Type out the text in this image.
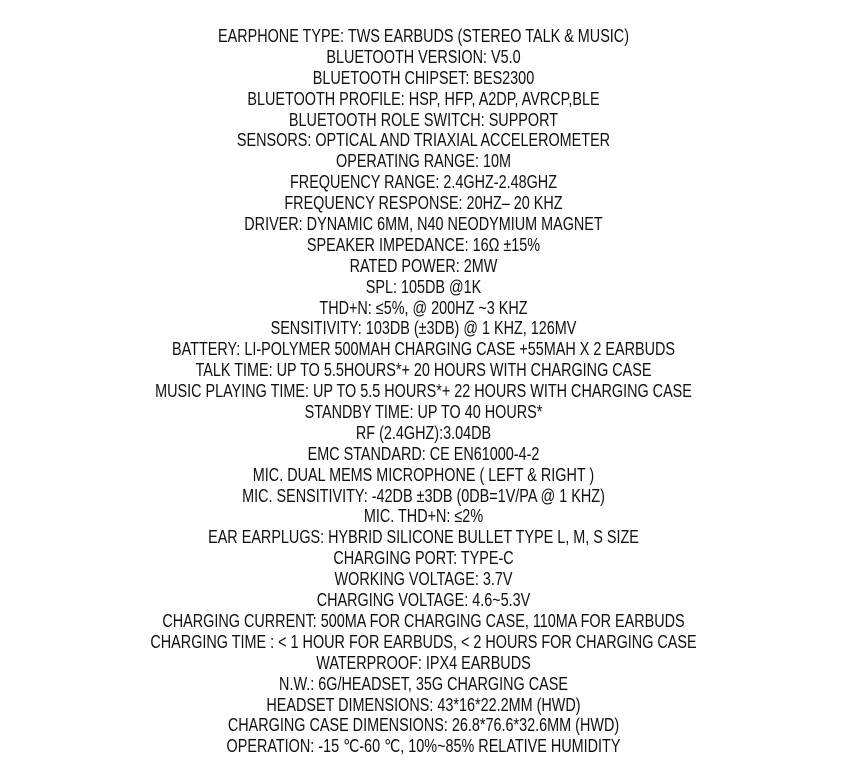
EARPHONE TYPE: TWS EARBUDS (STEREO TALK & MUSIC)
BLUETOOTH VERSION: V5.0
BLUETOOTH CHIPSET: BES2300
BLUETOOTH PROFILE: HSP, HFP, A2DP, AVRCP,BLE
BLUETOOTH ROLE SWITCH: SUPPORT
SENSORS: OPTICAL AND TRIAXIAL ACCELEROMETER
OPERATING RANGE: 10M
FREQUENCY RANGE: 2.4GHZ-2.48GHZ
FREQUENCY RESPONSE: 20HZ– 20 KHZ
DRIVER: DYNAMIC 6MM, N40 NEODYMIUM MAGNET
SPEAKER IMPEDANCE: 16Ω ±15%
RATED POWER: 2MW
SPL: 105DB @1K
THD+N: ≤5%, @ 200HZ ~3 KHZ
SENSITIVITY: 103DB (±3DB) @ 1 KHZ, 126MV
BATTERY: LI-POLYMER 500MAH CHARGING CASE +55MAH X 2 EARBUDS
TALK TIME: UP TO 5.5HOURS*+ 20 HOURS WITH CHARGING CASE
MUSIC PLAYING TIME: UP TO 5.5 HOURS*+ 22 HOURS WITH CHARGING CASE
STANDBY TIME: UP TO 40 HOURS*
RF (2.4GHZ):3.04DB
EMC STANDARD: CE EN61000-4-2
MIC. DUAL MEMS MICROPHONE ( LEFT & RIGHT )
MIC. SENSITIVITY: -42DB ±3DB (0DB=1V/PA @ 1 KHZ)
MIC. THD+N: ≤2%
EAR EARPLUGS: HYBRID SILICONE BULLET TYPE L, M, S SIZE
CHARGING PORT: TYPE-C
WORKING VOLTAGE: 3.7V
CHARGING VOLTAGE: 4.6~5.3V
CHARGING CURRENT: 500MA FOR CHARGING CASE, 110MA FOR EARBUDS
CHARGING TIME : < 1 HOUR FOR EARBUDS, < 2 HOURS FOR CHARGING CASE
WATERPROOF: IPX4 EARBUDS
N.W.: 6G/HEADSET, 35G CHARGING CASE
HEADSET DIMENSIONS: 43*16*22.2MM (HWD)
CHARGING CASE DIMENSIONS: 26.8*76.6*32.6MM (HWD)
OPERATION: -15 ℃-60 ℃, 10%~85% RELATIVE HUMIDITY
